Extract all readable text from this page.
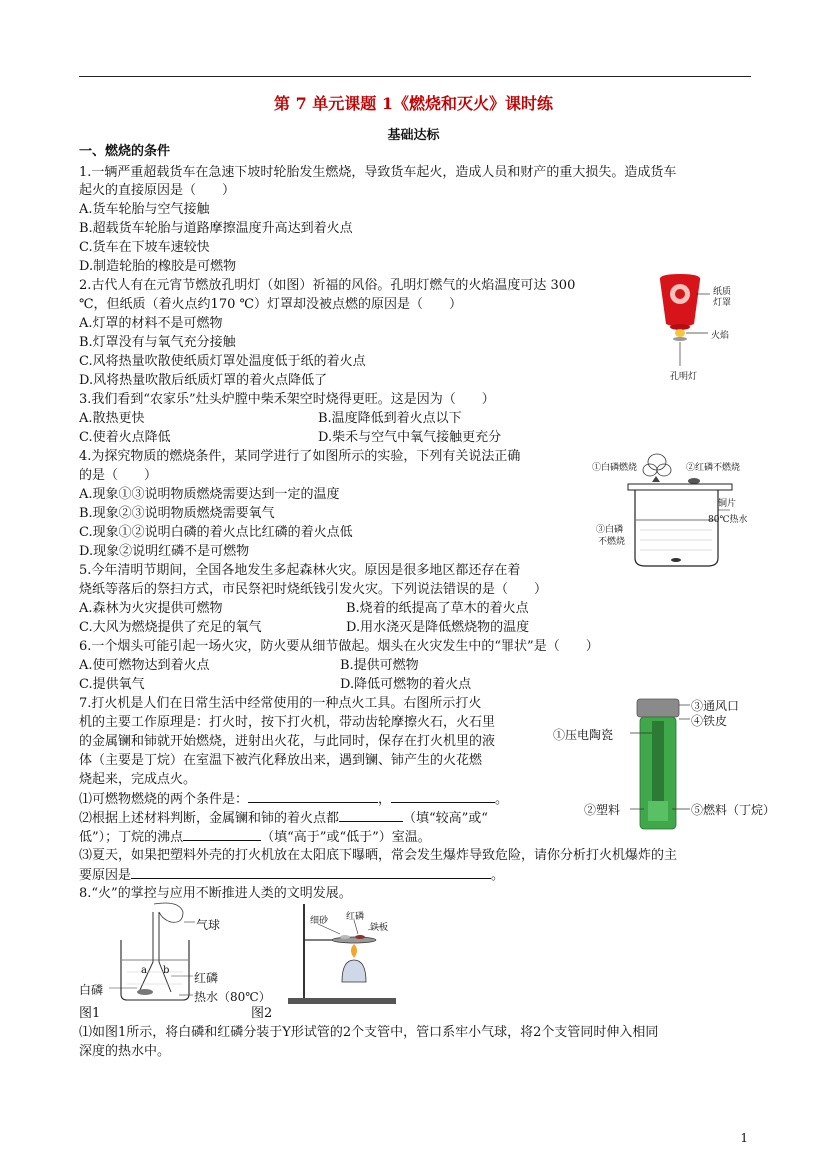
第 7 单元课题 1《燃烧和灭火》课时练
基础达标
一、燃烧的条件
1.一辆严重超载货车在急速下坡时轮胎发生燃烧，导致货车起火，造成人员和财产的重大损失。造成货车
起火的直接原因是（　　）
A.货车轮胎与空气接触
B.超载货车轮胎与道路摩擦温度升高达到着火点
C.货车在下坡车速较快
D.制造轮胎的橡胶是可燃物
2.古代人有在元宵节燃放孔明灯（如图）祈福的风俗。孔明灯燃气的火焰温度可达 300
℃，但纸质（着火点约170 ℃）灯罩却没被点燃的原因是（　　）
A.灯罩的材料不是可燃物
B.灯罩没有与氧气充分接触
C.风将热量吹散使纸质灯罩处温度低于纸的着火点
D.风将热量吹散后纸质灯罩的着火点降低了
纸质
灯罩
火焰
孔明灯
3.我们看到“农家乐”灶头炉膛中柴禾架空时烧得更旺。这是因为（　　）
A.散热更快	B.温度降低到着火点以下
C.使着火点降低	D.柴禾与空气中氧气接触更充分
4.为探究物质的燃烧条件，某同学进行了如图所示的实验，下列有关说法正确
的是（　　）
A.现象①③说明物质燃烧需要达到一定的温度
B.现象②③说明物质燃烧需要氧气
C.现象①②说明白磷的着火点比红磷的着火点低
D.现象②说明红磷不是可燃物
①白磷燃烧	②红磷不燃烧
铜片
③白磷
不燃烧
80℃热水
5.今年清明节期间，全国各地发生多起森林火灾。原因是很多地区都还存在着
烧纸等落后的祭扫方式，市民祭祀时烧纸钱引发火灾。下列说法错误的是（　　）
A.森林为火灾提供可燃物	B.烧着的纸提高了草木的着火点
C.大风为燃烧提供了充足的氧气	D.用水浇灭是降低燃烧物的温度
6.一个烟头可能引起一场火灾，防火要从细节做起。烟头在火灾发生中的“罪状”是（　　）
A.使可燃物达到着火点	B.提供可燃物
C.提供氧气	D.降低可燃物的着火点
7.打火机是人们在日常生活中经常使用的一种点火工具。右图所示打火
机的主要工作原理是：打火时，按下打火机，带动齿轮摩擦火石，火石里
的金属镧和铈就开始燃烧，迸射出火花，与此同时，保存在打火机里的液
体（主要是丁烷）在室温下被汽化释放出来，遇到镧、铈产生的火花燃
烧起来，完成点火。
⑴可燃物燃烧的两个条件是：	，	。
⑵根据上述材料判断，金属镧和铈的着火点都	（填“较高”或“
低”）；丁烷的沸点	（填“高于”或“低于”）室温。
⑶夏天，如果把塑料外壳的打火机放在太阳底下曝晒，常会发生爆炸导致危险，请你分析打火机爆炸的主
要原因是	。
③通风口
④铁皮
①压电陶瓷
②塑料	⑤燃料（丁烷）
8.“火”的掌控与应用不断推进人类的文明发展。
气球
a b
红磷
白磷	热水（80℃）
图1
细砂 红磷
铁板
图2
⑴如图1所示，将白磷和红磷分装于Y形试管的2个支管中，管口系牢小气球，将2个支管同时伸入相同
深度的热水中。
1
